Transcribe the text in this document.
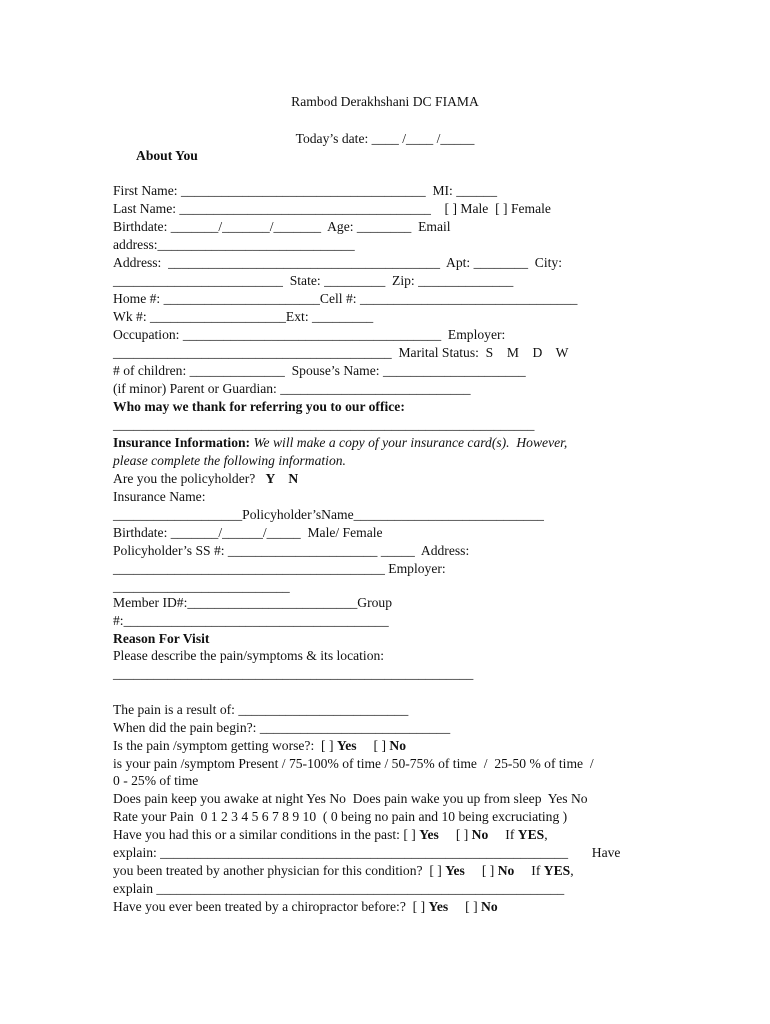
Rambod Derakhshani DC FIAMA
Today’s date: ____ /____ /_____
About You
First Name: ____________________________________  MI: ______
Last Name: _____________________________________    [ ] Male  [ ] Female
Birthdate: _______/_______/_______  Age: ________  Email
address:_____________________________
Address:  ________________________________________  Apt: ________  City:
_________________________  State: _________  Zip: ______________
Home #: _______________________Cell #: ________________________________
Wk #: ____________________Ext: _________
Occupation: ______________________________________  Employer:
_________________________________________  Marital Status:  S    M    D    W
# of children: ______________  Spouse’s Name: _____________________
(if minor) Parent or Guardian: ____________________________
Who may we thank for referring you to our office:
______________________________________________________________
Insurance Information: We will make a copy of your insurance card(s).  However,
please complete the following information.
Are you the policyholder? Y    N
Insurance Name:
___________________Policyholder’sName____________________________
Birthdate: _______/______/_____  Male/ Female
Policyholder’s SS #: ______________________ _____  Address:
________________________________________ Employer:
__________________________
Member ID#:_________________________Group
#:_______________________________________
Reason For Visit
Please describe the pain/symptoms & its location:
_____________________________________________________
The pain is a result of: _________________________
When did the pain begin?: ____________________________
Is the pain /symptom getting worse?:  [ ] Yes     [ ] No
is your pain /symptom Present / 75-100% of time / 50-75% of time  /  25-50 % of time  /
0 - 25% of time
Does pain keep you awake at night Yes No  Does pain wake you up from sleep  Yes No
Rate your Pain  0 1 2 3 4 5 6 7 8 9 10  ( 0 being no pain and 10 being excruciating )
Have you had this or a similar conditions in the past: [ ] Yes     [ ] No     If YES,
explain: ____________________________________________________________       Have
you been treated by another physician for this condition?  [ ] Yes     [ ] No     If YES,
explain ____________________________________________________________
Have you ever been treated by a chiropractor before:?  [ ] Yes     [ ] No
